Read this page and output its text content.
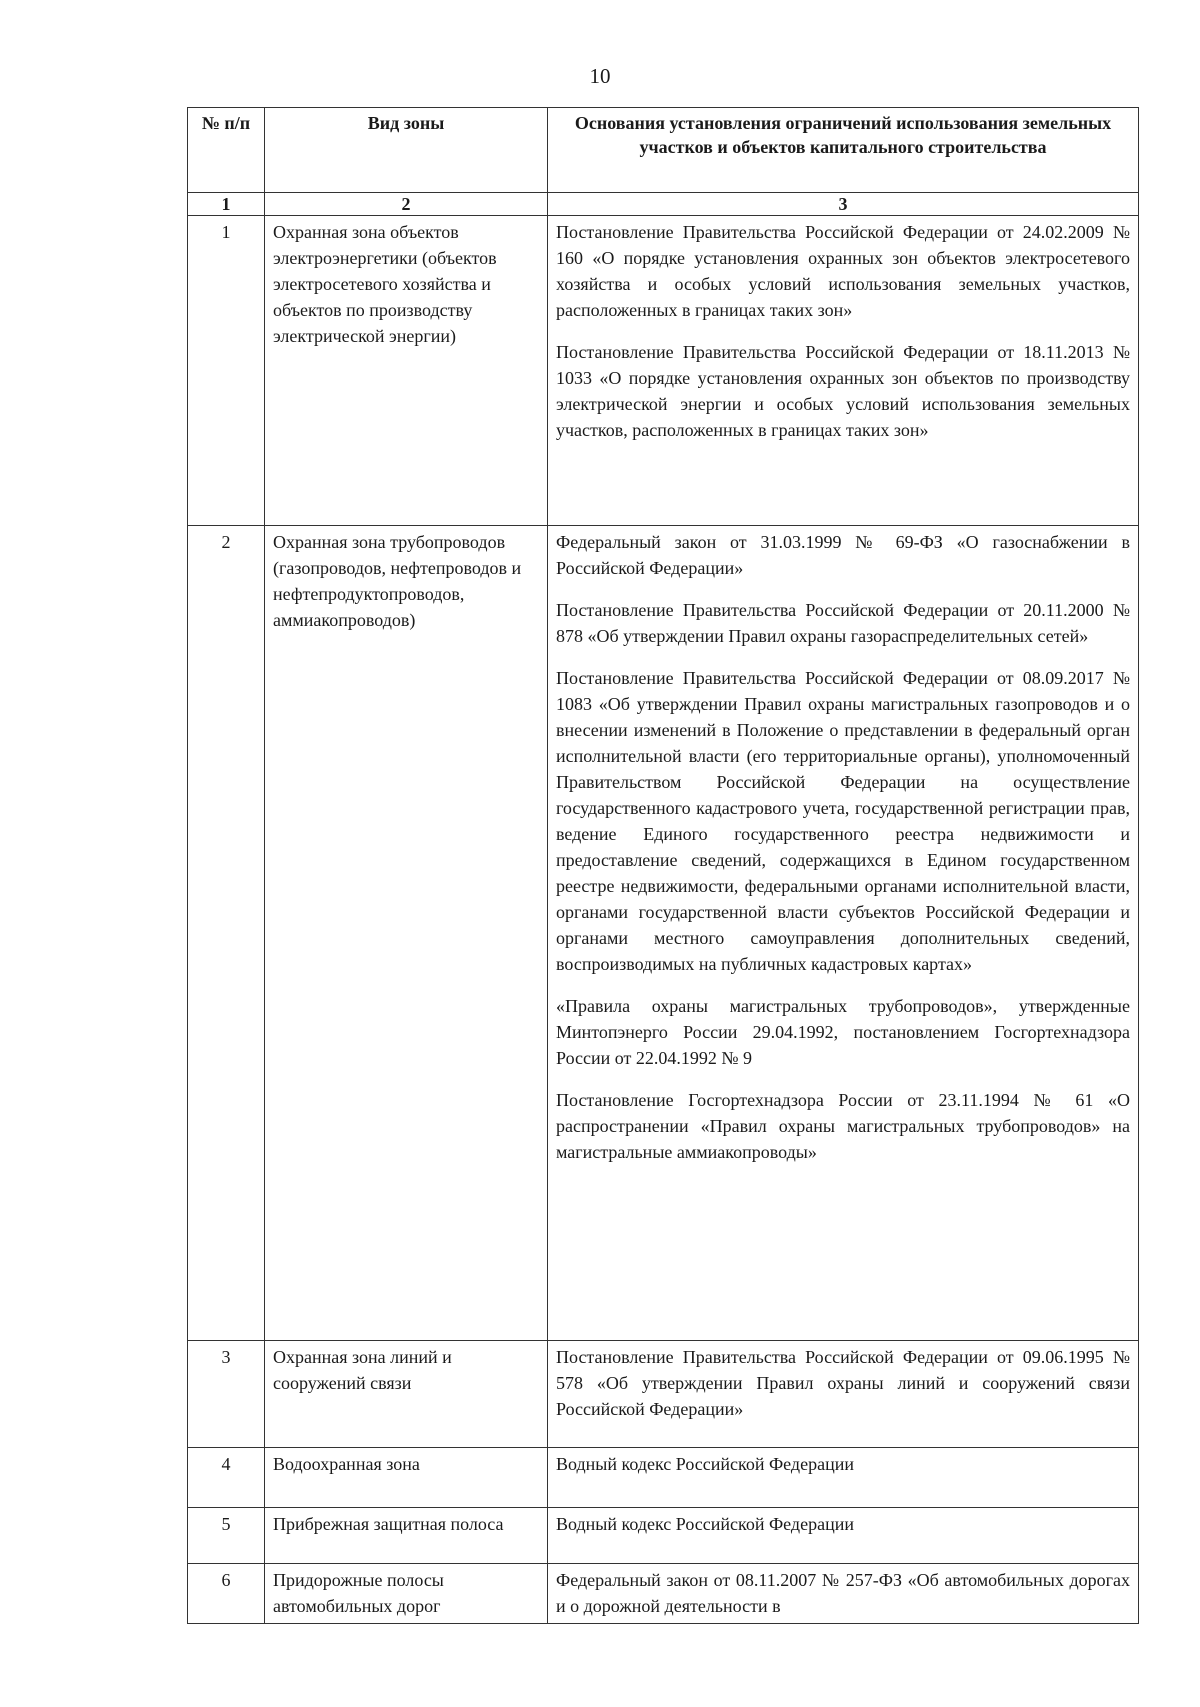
10
№ п/п	Вид зоны	Основания установления ограничений использования земельных участков и объектов капитального строительства
1	2	3
1	Охранная зона объектов электроэнергетики (объектов электросетевого хозяйства и объектов по производству электрической энергии)	Постановление Правительства Российской Федерации от 24.02.2009 № 160 «О порядке установления охранных зон объектов электросетевого хозяйства и особых условий использования земельных участков, расположенных в границах таких зон»

Постановление Правительства Российской Федерации от 18.11.2013 № 1033 «О порядке установления охранных зон объектов по производству электрической энергии и особых условий использования земельных участков, расположенных в границах таких зон»

2	Охранная зона трубопроводов (газопроводов, нефтепроводов и нефтепродуктопроводов, аммиакопроводов)	Федеральный закон от 31.03.1999 № 69-ФЗ «О газоснабжении в Российской Федерации»

Постановление Правительства Российской Федерации от 20.11.2000 № 878 «Об утверждении Правил охраны газораспределительных сетей»

Постановление Правительства Российской Федерации от 08.09.2017 № 1083 «Об утверждении Правил охраны магистральных газопроводов и о внесении изменений в Положение о представлении в федеральный орган исполнительной власти (его территориальные органы), уполномоченный Правительством Российской Федерации на осуществление государственного кадастрового учета, государственной регистрации прав, ведение Единого государственного реестра недвижимости и предоставление сведений, содержащихся в Едином государственном реестре недвижимости, федеральными органами исполнительной власти, органами государственной власти субъектов Российской Федерации и органами местного самоуправления дополнительных сведений, воспроизводимых на публичных кадастровых картах»

«Правила охраны магистральных трубопроводов», утвержденные Минтопэнерго России 29.04.1992, постановлением Госгортехнадзора России от 22.04.1992 № 9

Постановление Госгортехнадзора России от 23.11.1994 № 61 «О распространении «Правил охраны магистральных трубопроводов» на магистральные аммиакопроводы»

3	Охранная зона линий и сооружений связи	Постановление Правительства Российской Федерации от 09.06.1995 № 578 «Об утверждении Правил охраны линий и сооружений связи Российской Федерации»

4	Водоохранная зона	Водный кодекс Российской Федерации

5	Прибрежная защитная полоса	Водный кодекс Российской Федерации

6	Придорожные полосы автомобильных дорог	Федеральный закон от 08.11.2007 № 257-ФЗ «Об автомобильных дорогах и о дорожной деятельности в
